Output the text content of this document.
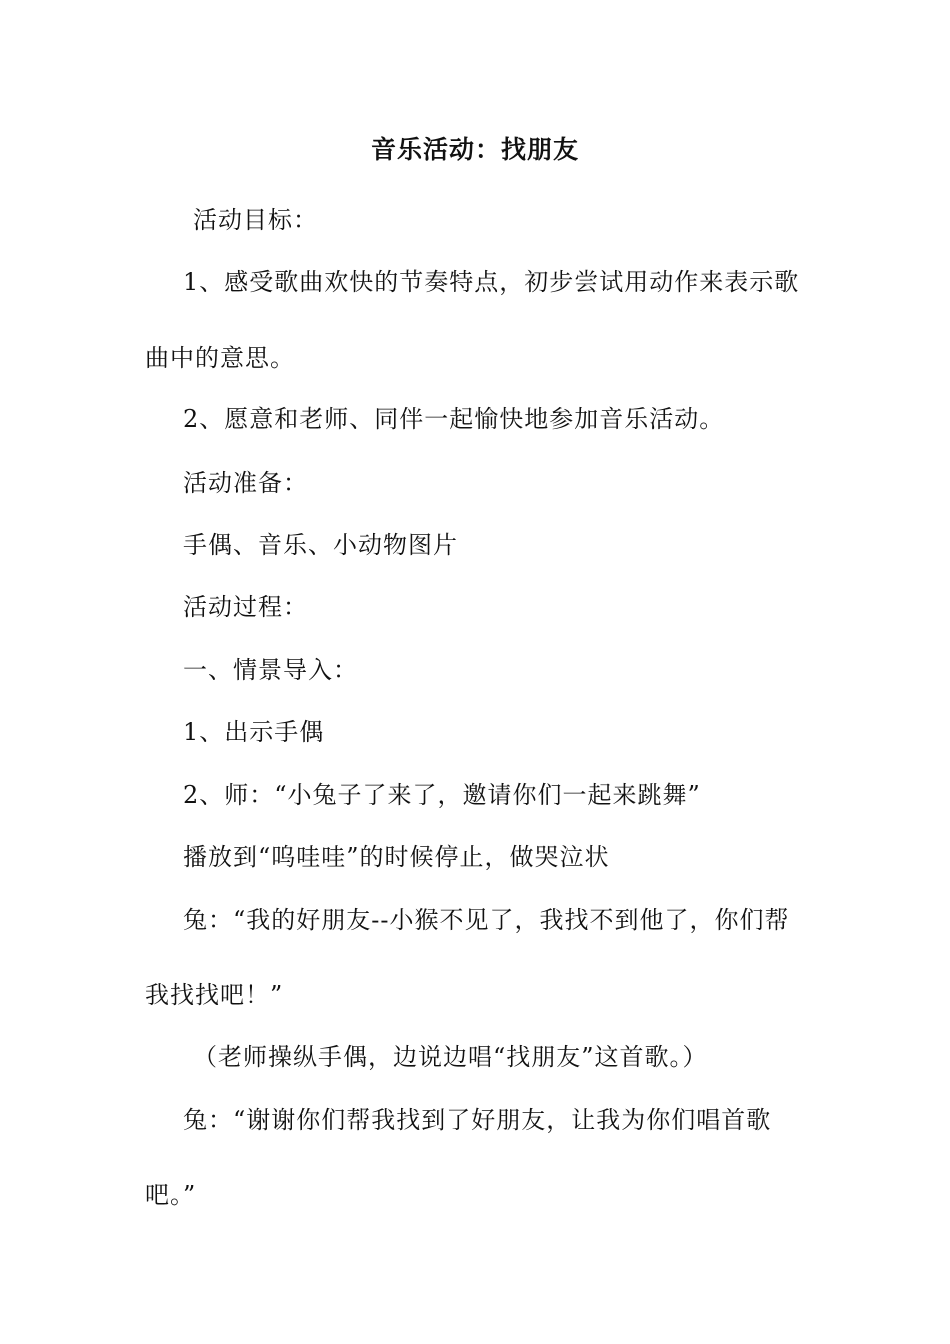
音乐活动：找朋友
活动目标：
1、感受歌曲欢快的节奏特点，初步尝试用动作来表示歌
曲中的意思。
2、愿意和老师、同伴一起愉快地参加音乐活动。
活动准备：
手偶、音乐、小动物图片
活动过程：
一、情景导入：
1、出示手偶
2、师：“小兔子了来了，邀请你们一起来跳舞”
播放到“呜哇哇”的时候停止，做哭泣状
兔：“我的好朋友--小猴不见了，我找不到他了，你们帮
我找找吧！”
（老师操纵手偶，边说边唱“找朋友”这首歌。）
兔：“谢谢你们帮我找到了好朋友，让我为你们唱首歌
吧。”
